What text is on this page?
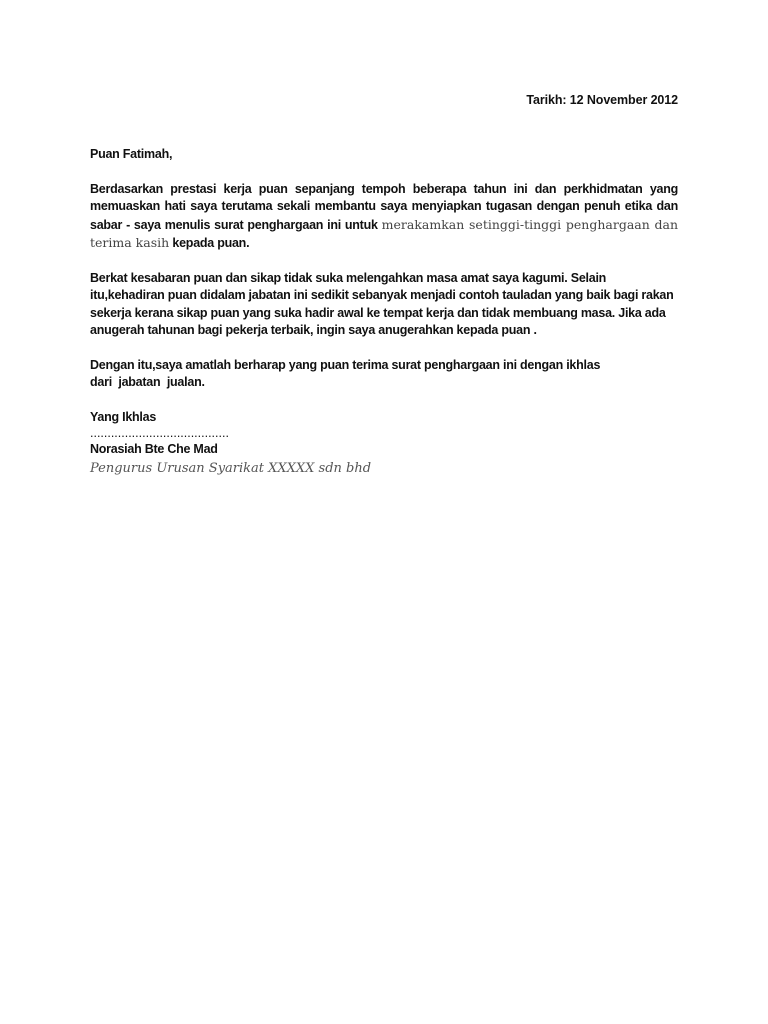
Tarikh: 12 November 2012

Puan Fatimah,

Berdasarkan prestasi kerja puan sepanjang tempoh beberapa tahun ini dan perkhidmatan yang memuaskan hati saya terutama sekali membantu saya menyiapkan tugasan dengan penuh etika dan sabar - saya menulis surat penghargaan ini untuk merakamkan setinggi-tinggi penghargaan dan terima kasih kepada puan.

Berkat kesabaran puan dan sikap tidak suka melengahkan masa amat saya kagumi. Selain itu,kehadiran puan didalam jabatan ini sedikit sebanyak menjadi contoh tauladan yang baik bagi rakan sekerja kerana sikap puan yang suka hadir awal ke tempat kerja dan tidak membuang masa. Jika ada anugerah tahunan bagi pekerja terbaik, ingin saya anugerahkan kepada puan .

Dengan itu,saya amatlah berharap yang puan terima surat penghargaan ini dengan ikhlas
dari  jabatan  jualan.

Yang Ikhlas
........................................
Norasiah Bte Che Mad
Pengurus Urusan Syarikat XXXXX sdn bhd
